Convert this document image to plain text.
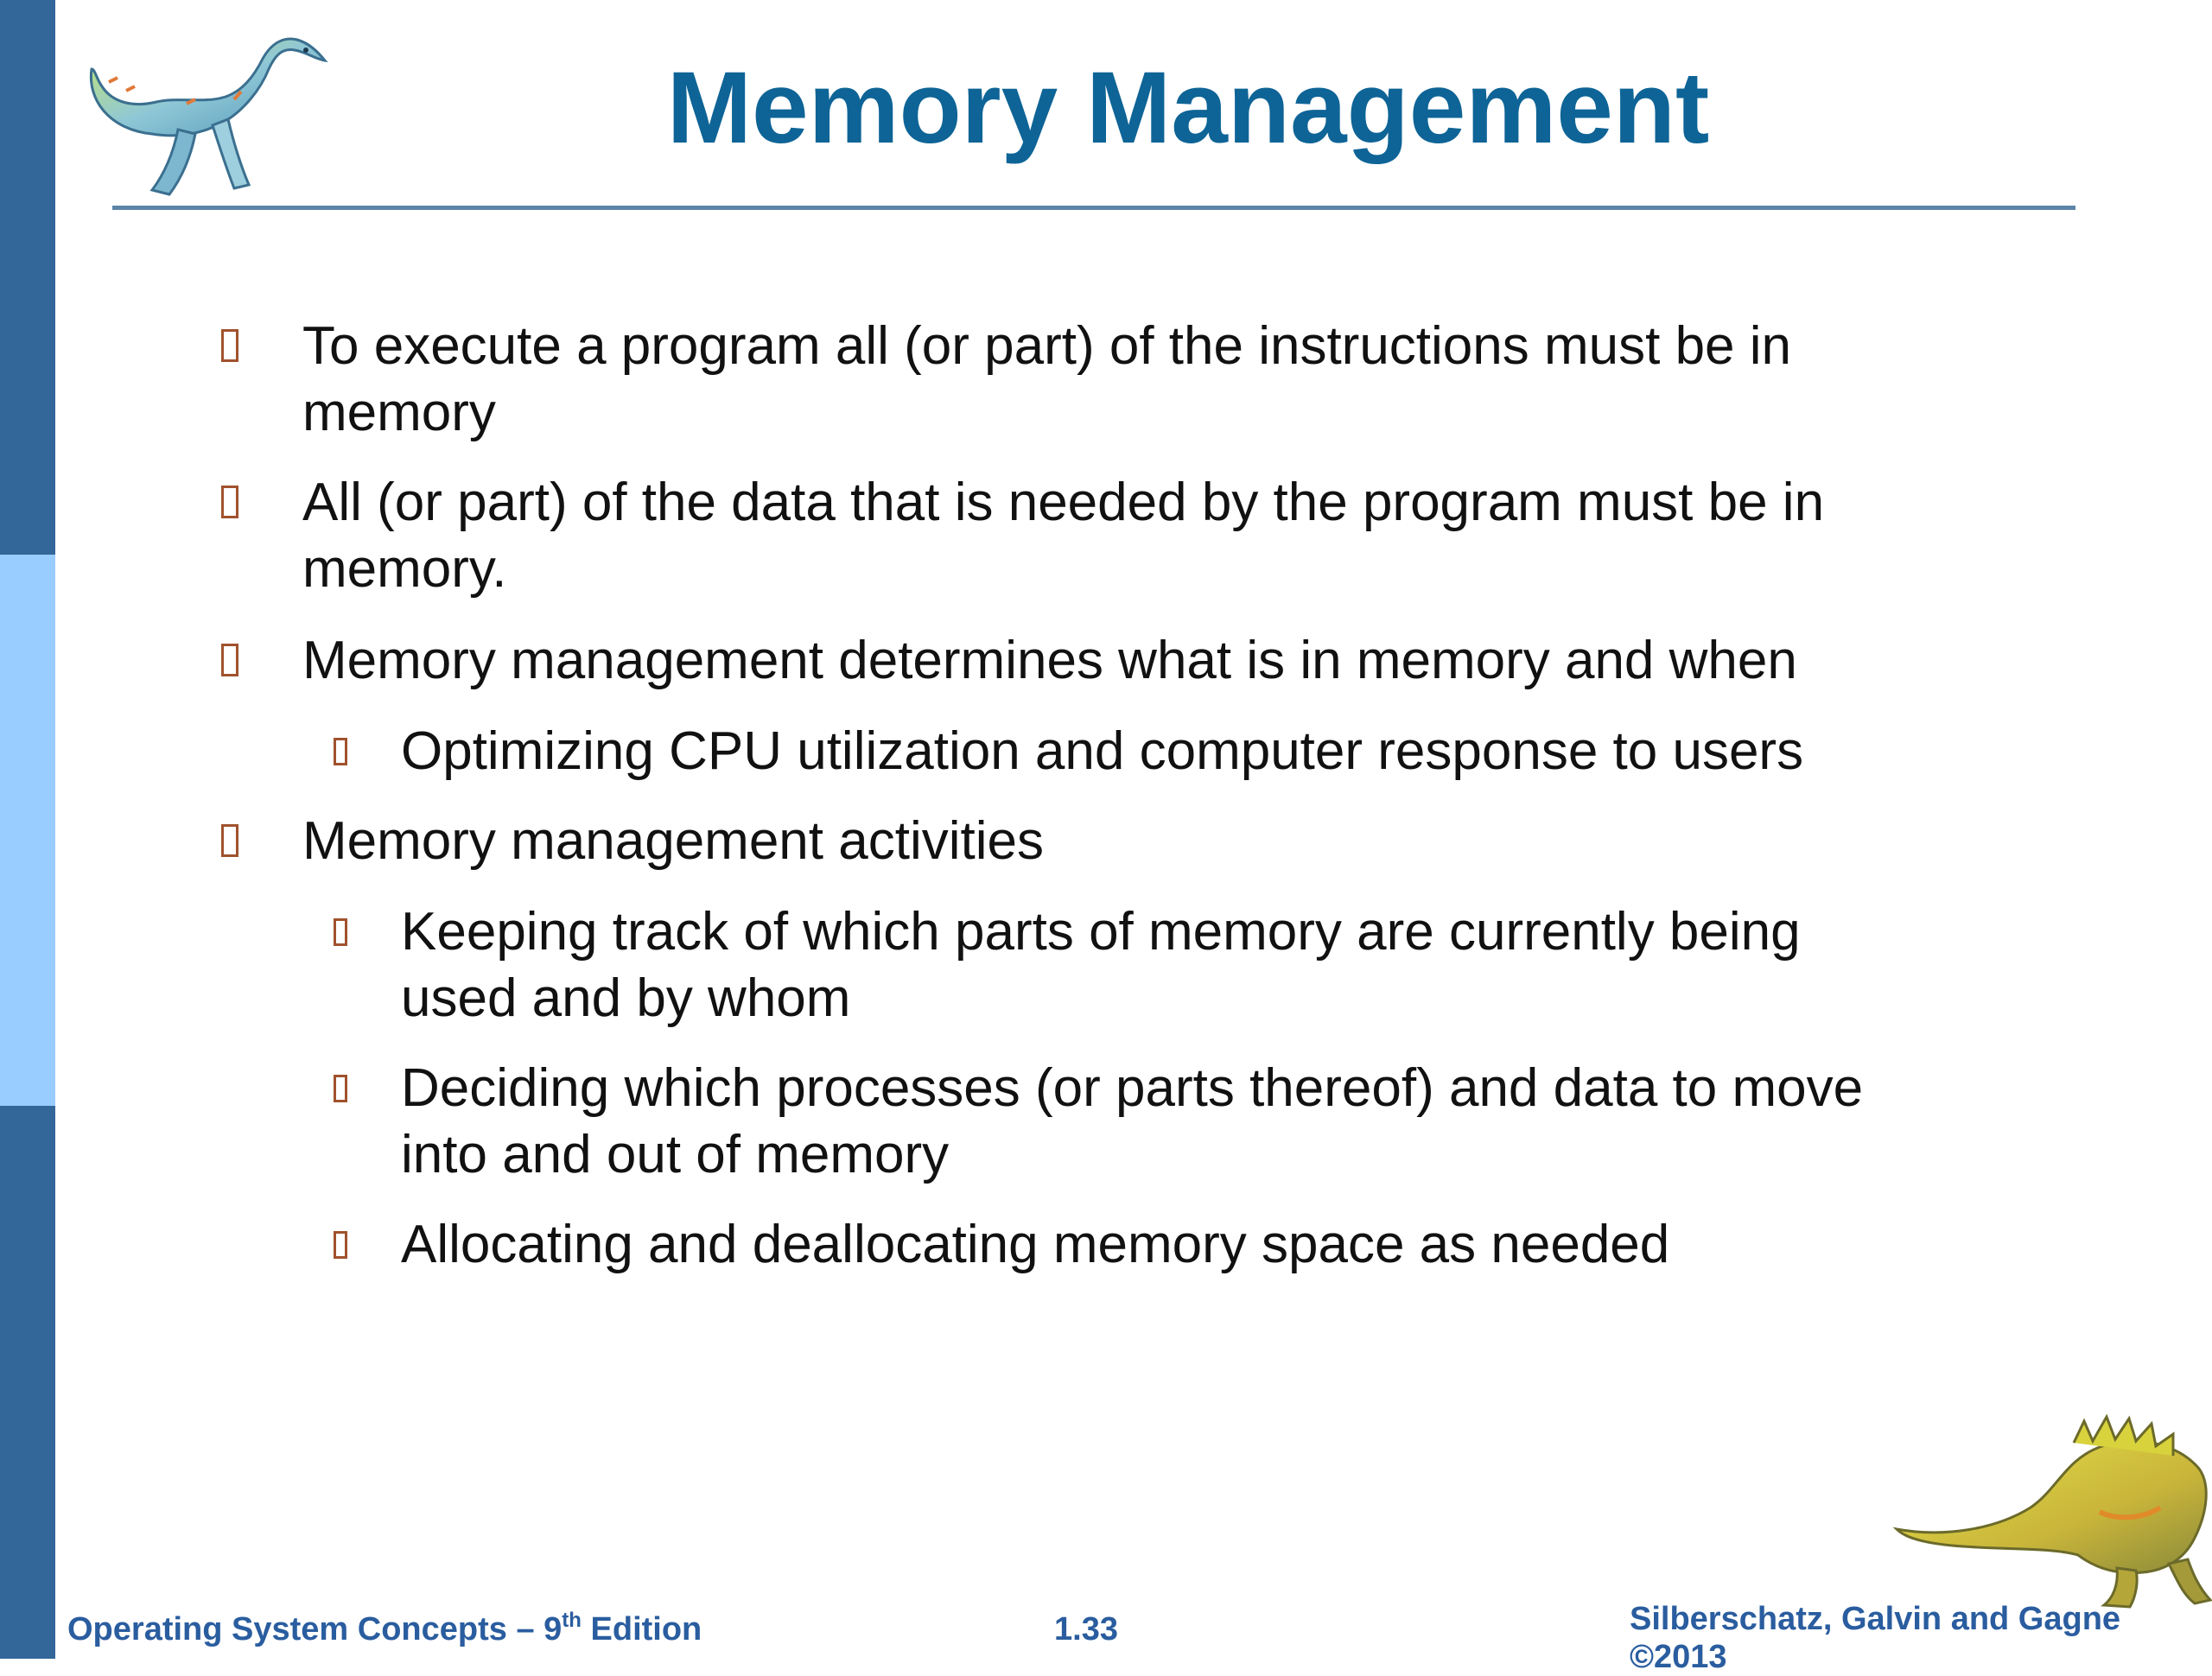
Memory Management
To execute a program all (or part) of the instructions must be in memory
All (or part) of the data that is needed by the program must be in memory.
Memory management determines what is in memory and when
Optimizing CPU utilization and computer response to users
Memory management activities
Keeping track of which parts of memory are currently being used and by whom
Deciding which processes (or parts thereof) and data to move into and out of memory
Allocating and deallocating memory space as needed
Operating System Concepts – 9th Edition	1.33	Silberschatz, Galvin and Gagne ©2013
